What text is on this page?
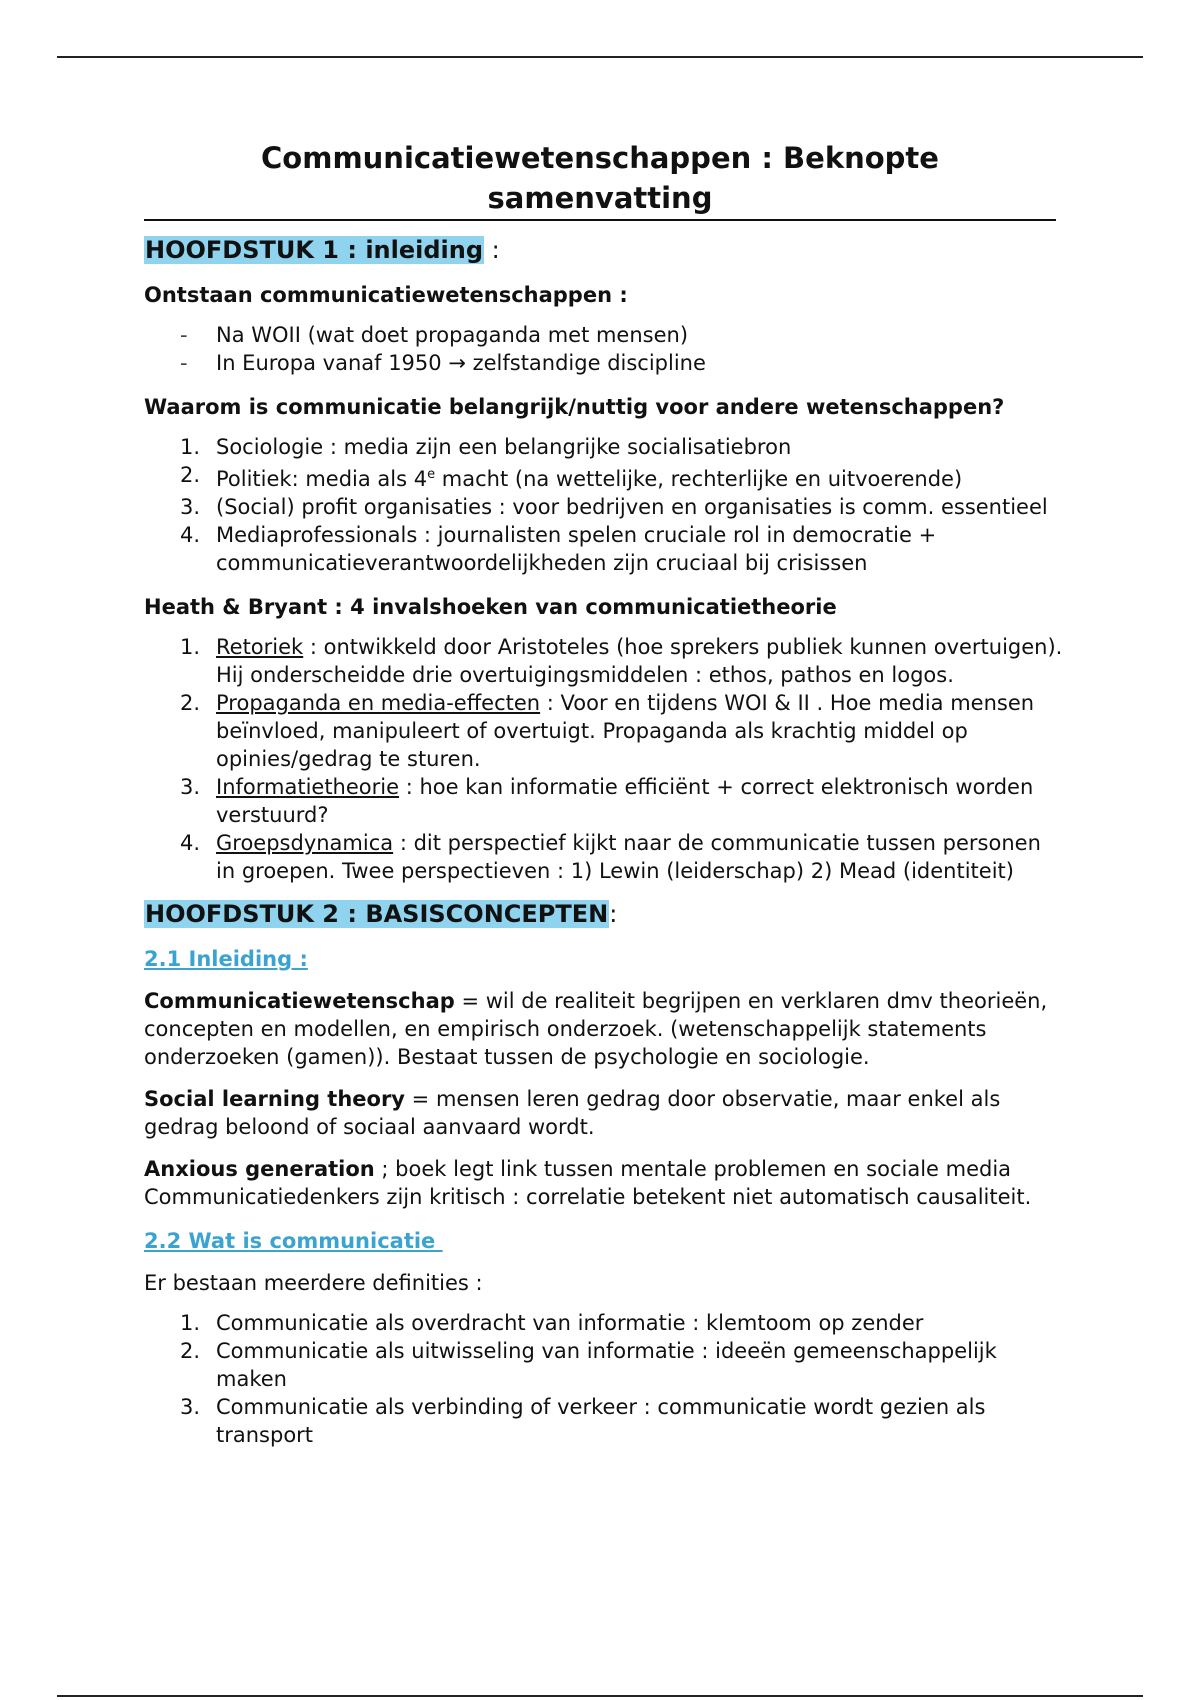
Communicatiewetenschappen : Beknopte samenvatting
HOOFDSTUK 1 : inleiding :
Ontstaan communicatiewetenschappen :
- Na WOII (wat doet propaganda met mensen)
- In Europa vanaf 1950 → zelfstandige discipline
Waarom is communicatie belangrijk/nuttig voor andere wetenschappen?
1. Sociologie : media zijn een belangrijke socialisatiebron
2. Politiek: media als 4e macht (na wettelijke, rechterlijke en uitvoerende)
3. (Social) profit organisaties : voor bedrijven en organisaties is comm. essentieel
4. Mediaprofessionals : journalisten spelen cruciale rol in democratie + communicatieverantwoordelijkheden zijn cruciaal bij crisissen
Heath & Bryant : 4 invalshoeken van communicatietheorie
1. Retoriek : ontwikkeld door Aristoteles (hoe sprekers publiek kunnen overtuigen). Hij onderscheidde drie overtuigingsmiddelen : ethos, pathos en logos.
2. Propaganda en media-effecten : Voor en tijdens WOI & II . Hoe media mensen beïnvloed, manipuleert of overtuigt. Propaganda als krachtig middel op opinies/gedrag te sturen.
3. Informatietheorie : hoe kan informatie efficiënt + correct elektronisch worden verstuurd?
4. Groepsdynamica : dit perspectief kijkt naar de communicatie tussen personen in groepen. Twee perspectieven : 1) Lewin (leiderschap) 2) Mead (identiteit)
HOOFDSTUK 2 : BASISCONCEPTEN:
2.1 Inleiding :

Communicatiewetenschap = wil de realiteit begrijpen en verklaren dmv theorieën, concepten en modellen, en empirisch onderzoek. (wetenschappelijk statements onderzoeken (gamen)). Bestaat tussen de psychologie en sociologie.

Social learning theory = mensen leren gedrag door observatie, maar enkel als gedrag beloond of sociaal aanvaard wordt.

Anxious generation ; boek legt link tussen mentale problemen en sociale media Communicatiedenkers zijn kritisch : correlatie betekent niet automatisch causaliteit.

2.2 Wat is communicatie

Er bestaan meerdere definities :

1. Communicatie als overdracht van informatie : klemtoom op zender
2. Communicatie als uitwisseling van informatie : ideeën gemeenschappelijk maken
3. Communicatie als verbinding of verkeer : communicatie wordt gezien als transport
